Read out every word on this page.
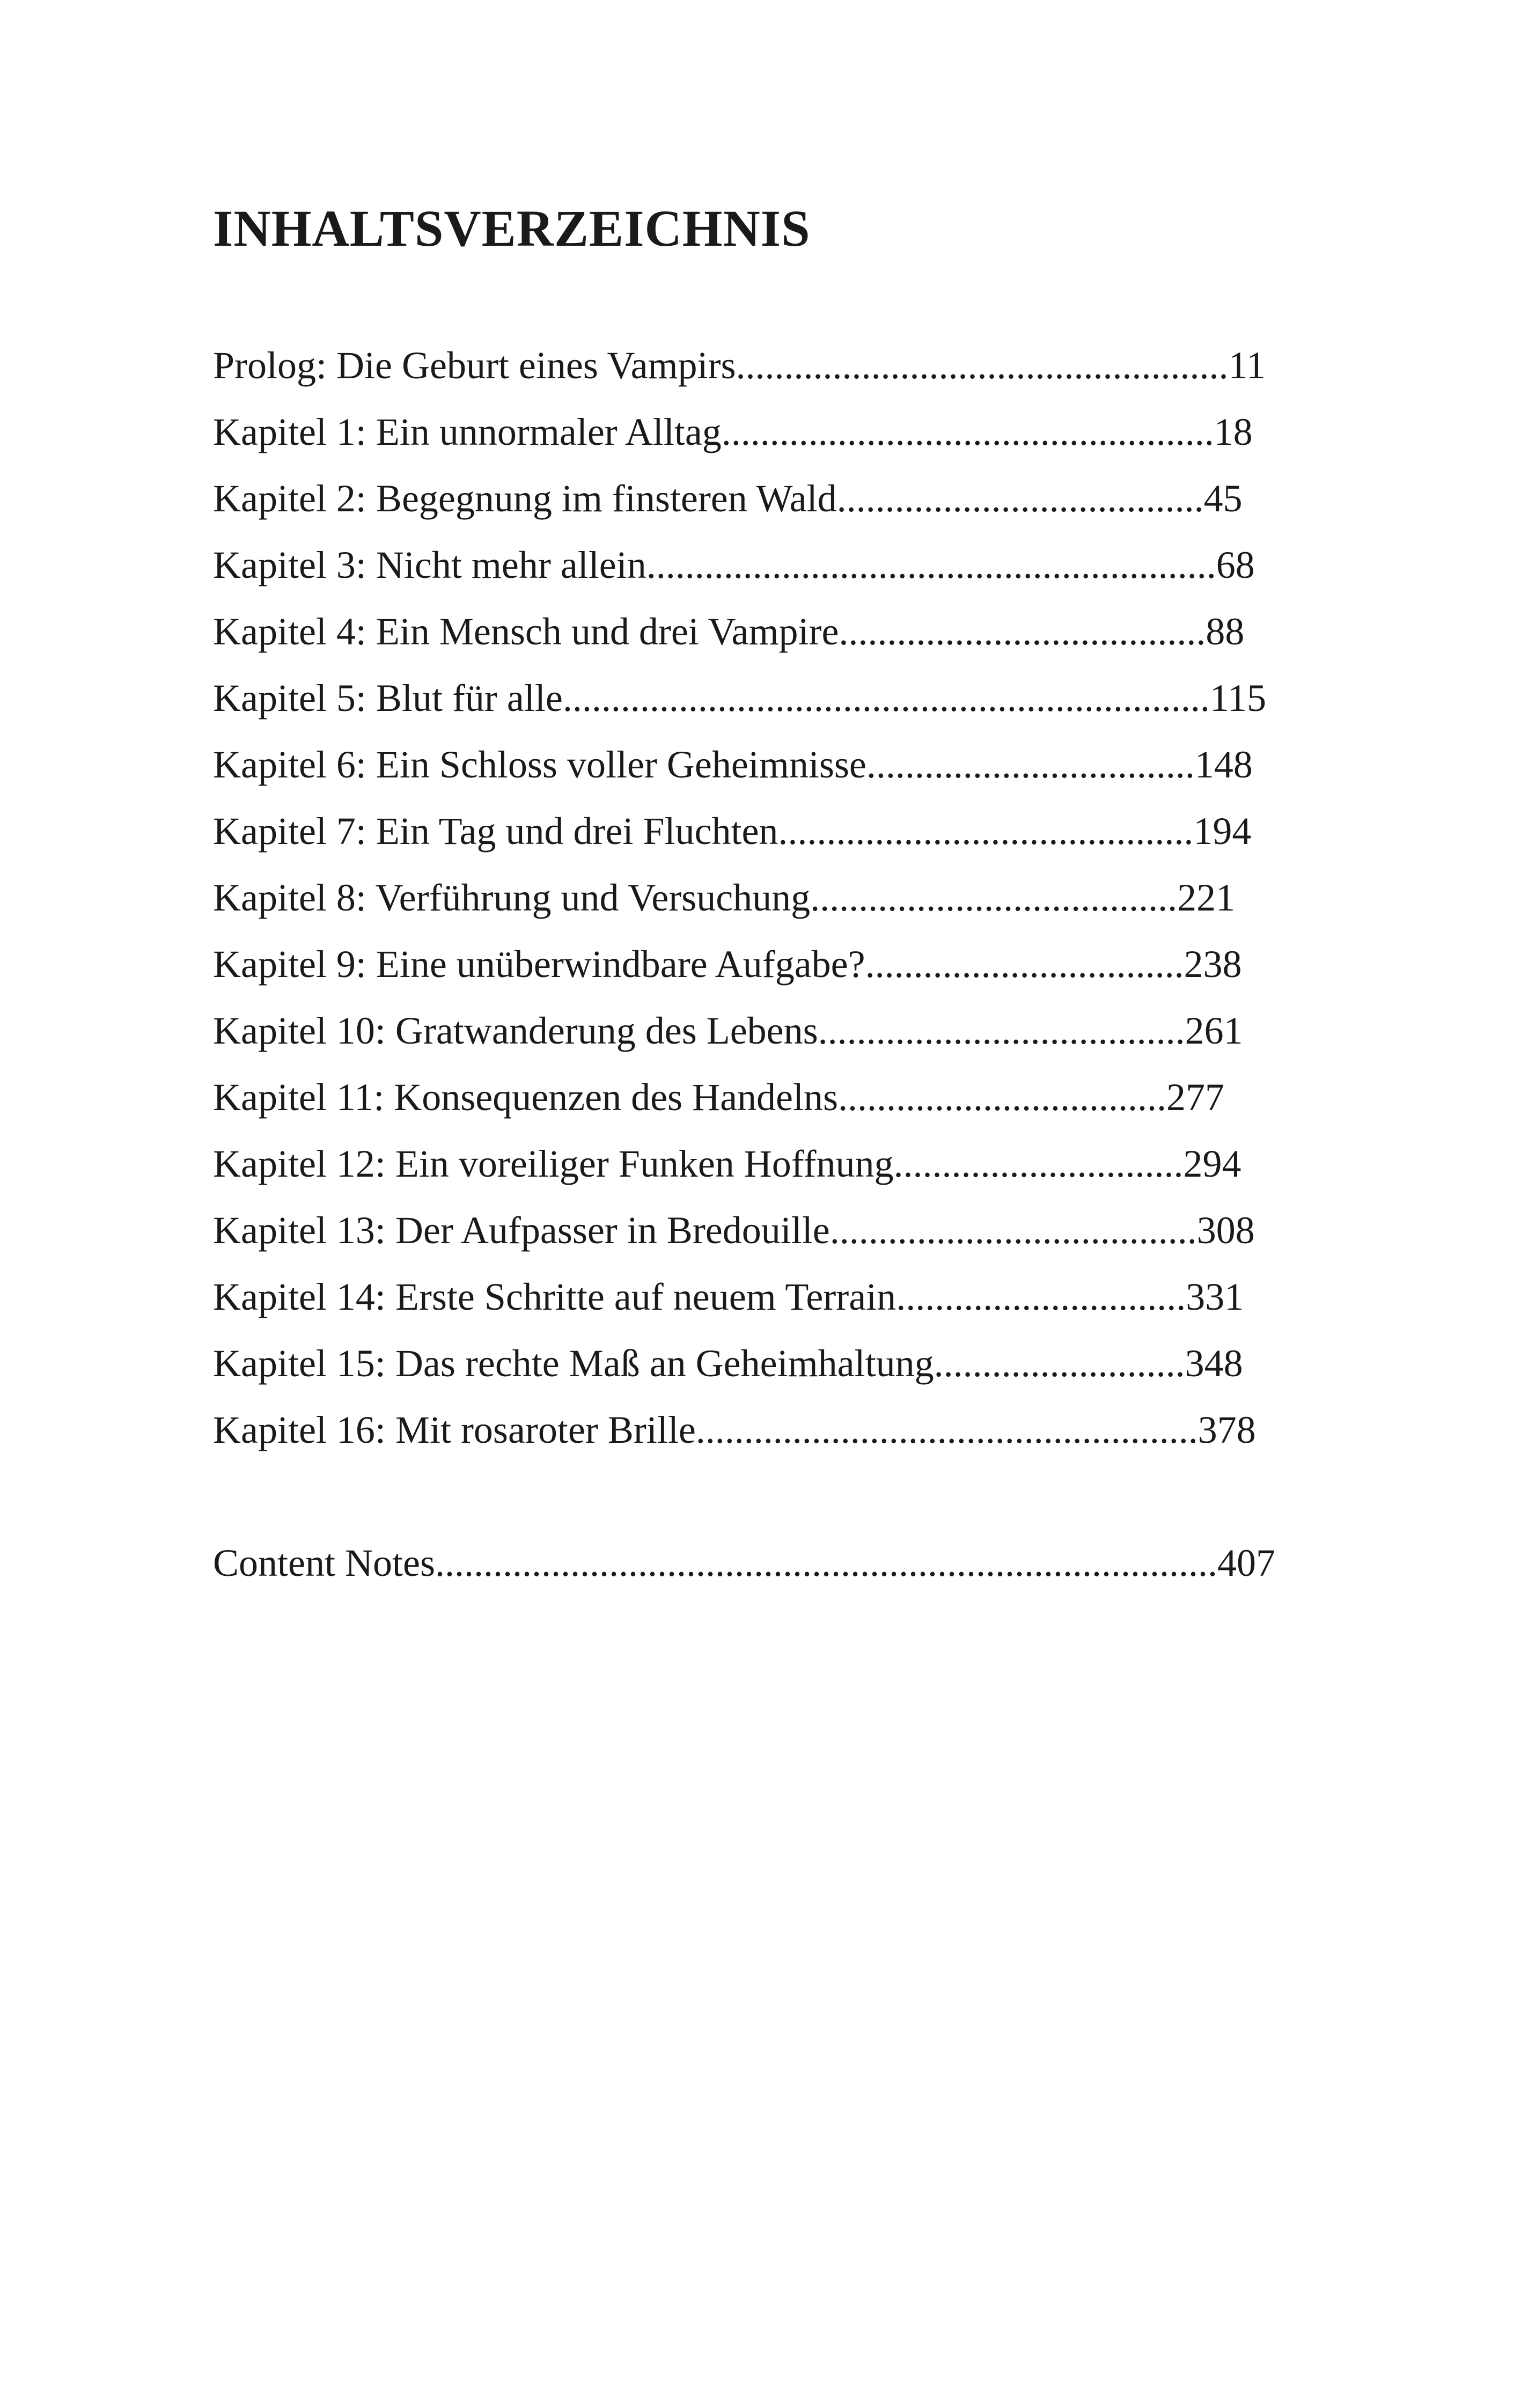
INHALTSVERZEICHNIS
Prolog: Die Geburt eines Vampirs...................................................11
Kapitel 1: Ein unnormaler Alltag...................................................18
Kapitel 2: Begegnung im finsteren Wald......................................45
Kapitel 3: Nicht mehr allein...........................................................68
Kapitel 4: Ein Mensch und drei Vampire......................................88
Kapitel 5: Blut für alle...................................................................115
Kapitel 6: Ein Schloss voller Geheimnisse..................................148
Kapitel 7: Ein Tag und drei Fluchten...........................................194
Kapitel 8: Verführung und Versuchung......................................221
Kapitel 9: Eine unüberwindbare Aufgabe?.................................238
Kapitel 10: Gratwanderung des Lebens......................................261
Kapitel 11: Konsequenzen des Handelns..................................277
Kapitel 12: Ein voreiliger Funken Hoffnung..............................294
Kapitel 13: Der Aufpasser in Bredouille......................................308
Kapitel 14: Erste Schritte auf neuem Terrain..............................331
Kapitel 15: Das rechte Maß an Geheimhaltung..........................348
Kapitel 16: Mit rosaroter Brille....................................................378
Content Notes.................................................................................407
